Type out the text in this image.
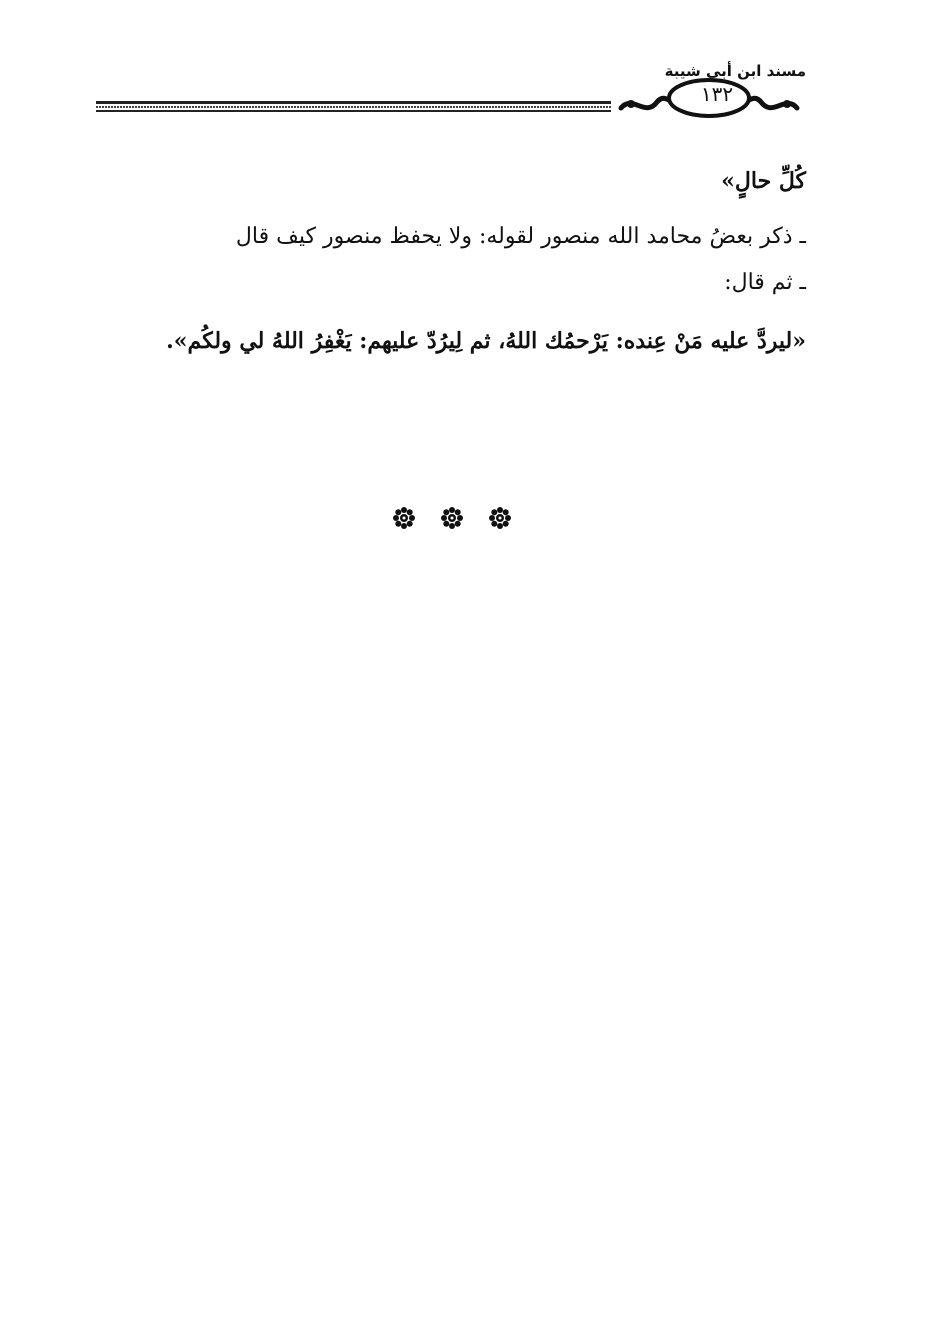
مسند ابن أبي شيبة
١٣٢

كُلِّ حالٍ»

ـ ذكر بعضُ محامد الله منصور لقوله: ولا يحفظ منصور كيف قال

ـ ثم قال:

«ليردَّ عليه مَنْ عِنده: يَرْحمُك اللهُ، ثم لِيرُدّ عليهم: يَغْفِرُ اللهُ لي ولكُم».
